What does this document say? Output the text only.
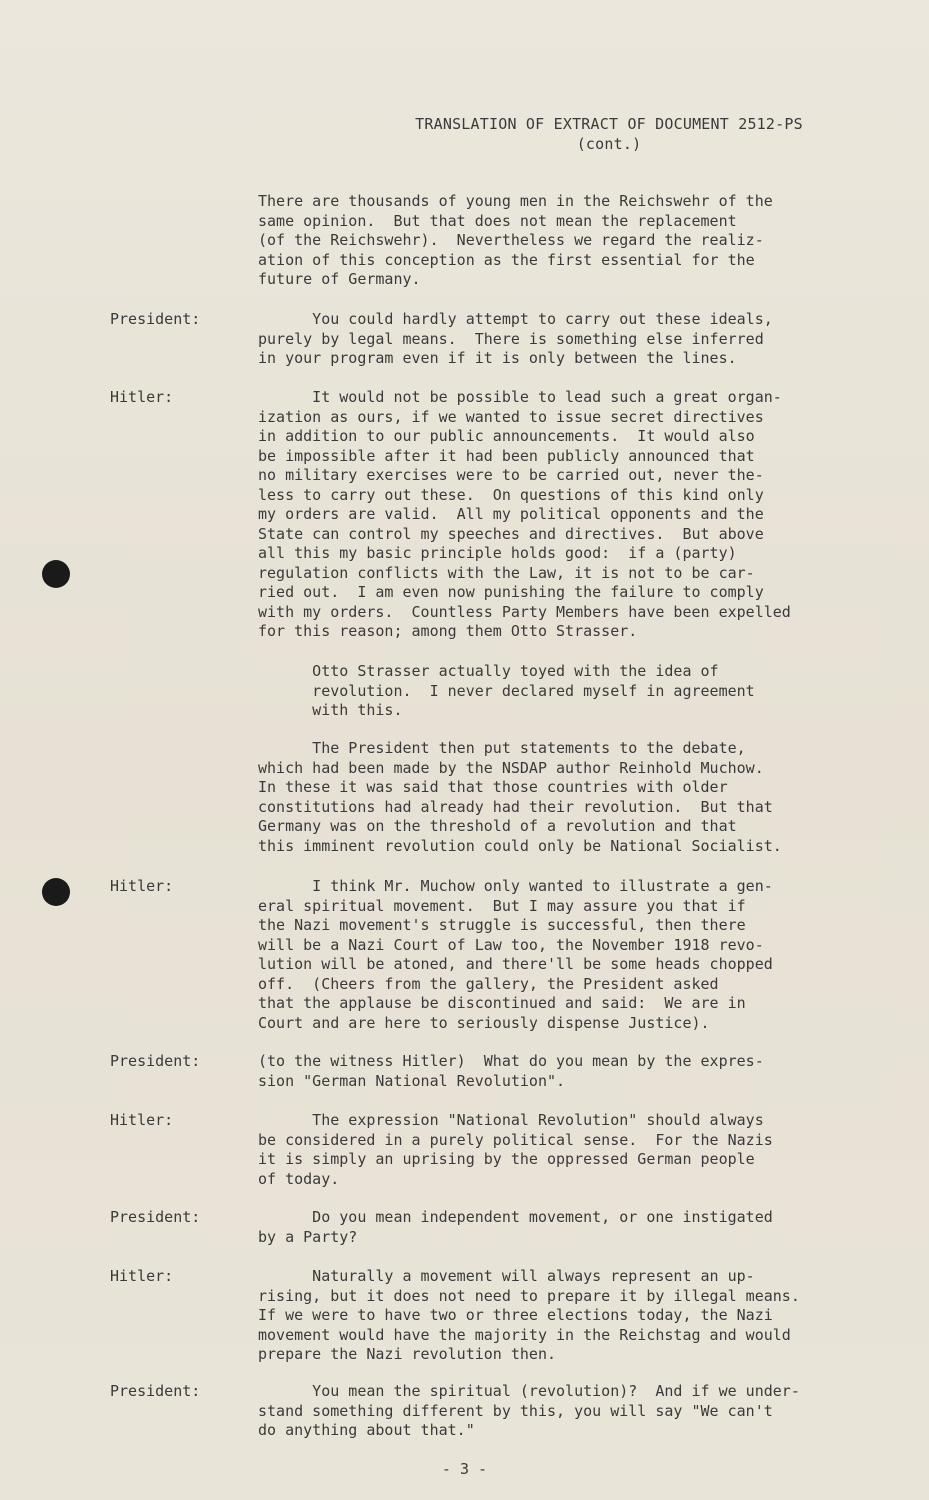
TRANSLATION OF EXTRACT OF DOCUMENT 2512-PS
(cont.)
There are thousands of young men in the Reichswehr of the
same opinion.  But that does not mean the replacement
(of the Reichswehr).  Nevertheless we regard the realiz-
ation of this conception as the first essential for the
future of Germany.
President:	You could hardly attempt to carry out these ideals,
purely by legal means.  There is something else inferred
in your program even if it is only between the lines.
Hitler:	It would not be possible to lead such a great organ-
ization as ours, if we wanted to issue secret directives
in addition to our public announcements.  It would also
be impossible after it had been publicly announced that
no military exercises were to be carried out, never the-
less to carry out these.  On questions of this kind only
my orders are valid.  All my political opponents and the
State can control my speeches and directives.  But above
all this my basic principle holds good:  if a (party)
regulation conflicts with the Law, it is not to be car-
ried out.  I am even now punishing the failure to comply
with my orders.  Countless Party Members have been expelled
for this reason; among them Otto Strasser.
Otto Strasser actually toyed with the idea of
revolution.  I never declared myself in agreement
with this.
The President then put statements to the debate,
which had been made by the NSDAP author Reinhold Muchow.
In these it was said that those countries with older
constitutions had already had their revolution.  But that
Germany was on the threshold of a revolution and that
this imminent revolution could only be National Socialist.
Hitler:	I think Mr. Muchow only wanted to illustrate a gen-
eral spiritual movement.  But I may assure you that if
the Nazi movement's struggle is successful, then there
will be a Nazi Court of Law too, the November 1918 revo-
lution will be atoned, and there'll be some heads chopped
off.  (Cheers from the gallery, the President asked
that the applause be discontinued and said:  We are in
Court and are here to seriously dispense Justice).
President:	(to the witness Hitler)  What do you mean by the expres-
sion "German National Revolution".
Hitler:	The expression "National Revolution" should always
be considered in a purely political sense.  For the Nazis
it is simply an uprising by the oppressed German people
of today.
President:	Do you mean independent movement, or one instigated
by a Party?
Hitler:	Naturally a movement will always represent an up-
rising, but it does not need to prepare it by illegal means.
If we were to have two or three elections today, the Nazi
movement would have the majority in the Reichstag and would
prepare the Nazi revolution then.
President:	You mean the spiritual (revolution)?  And if we under-
stand something different by this, you will say "We can't
do anything about that."
- 3 -
